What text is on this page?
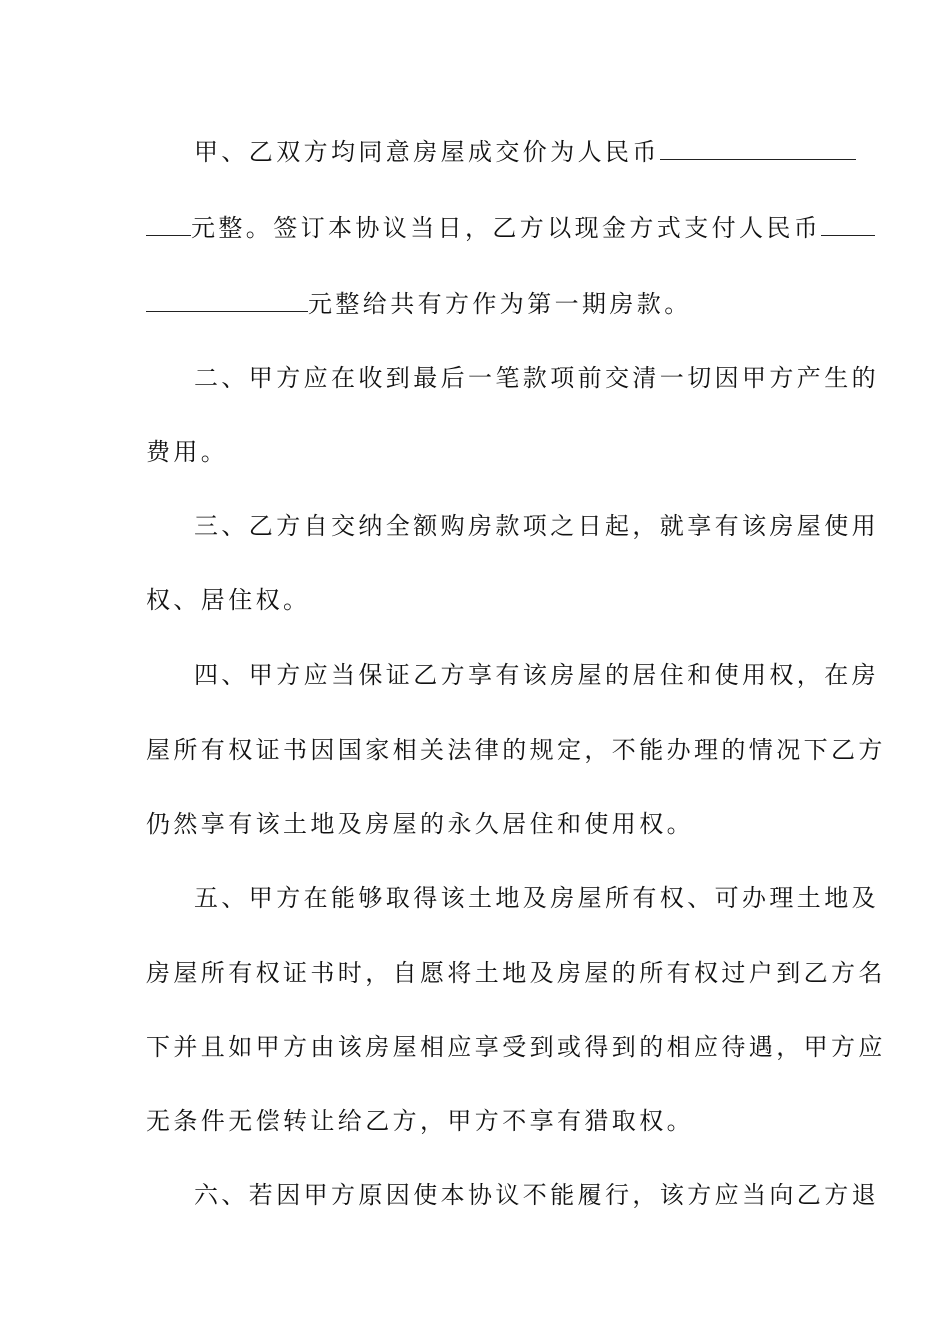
甲、乙双方均同意房屋成交价为人民币
元整。签订本协议当日，乙方以现金方式支付人民币
元整给共有方作为第一期房款。
二、甲方应在收到最后一笔款项前交清一切因甲方产生的
费用。
三、乙方自交纳全额购房款项之日起，就享有该房屋使用
权、居住权。
四、甲方应当保证乙方享有该房屋的居住和使用权，在房
屋所有权证书因国家相关法律的规定，不能办理的情况下乙方
仍然享有该土地及房屋的永久居住和使用权。
五、甲方在能够取得该土地及房屋所有权、可办理土地及
房屋所有权证书时，自愿将土地及房屋的所有权过户到乙方名
下并且如甲方由该房屋相应享受到或得到的相应待遇，甲方应
无条件无偿转让给乙方，甲方不享有猎取权。
六、若因甲方原因使本协议不能履行，该方应当向乙方退
